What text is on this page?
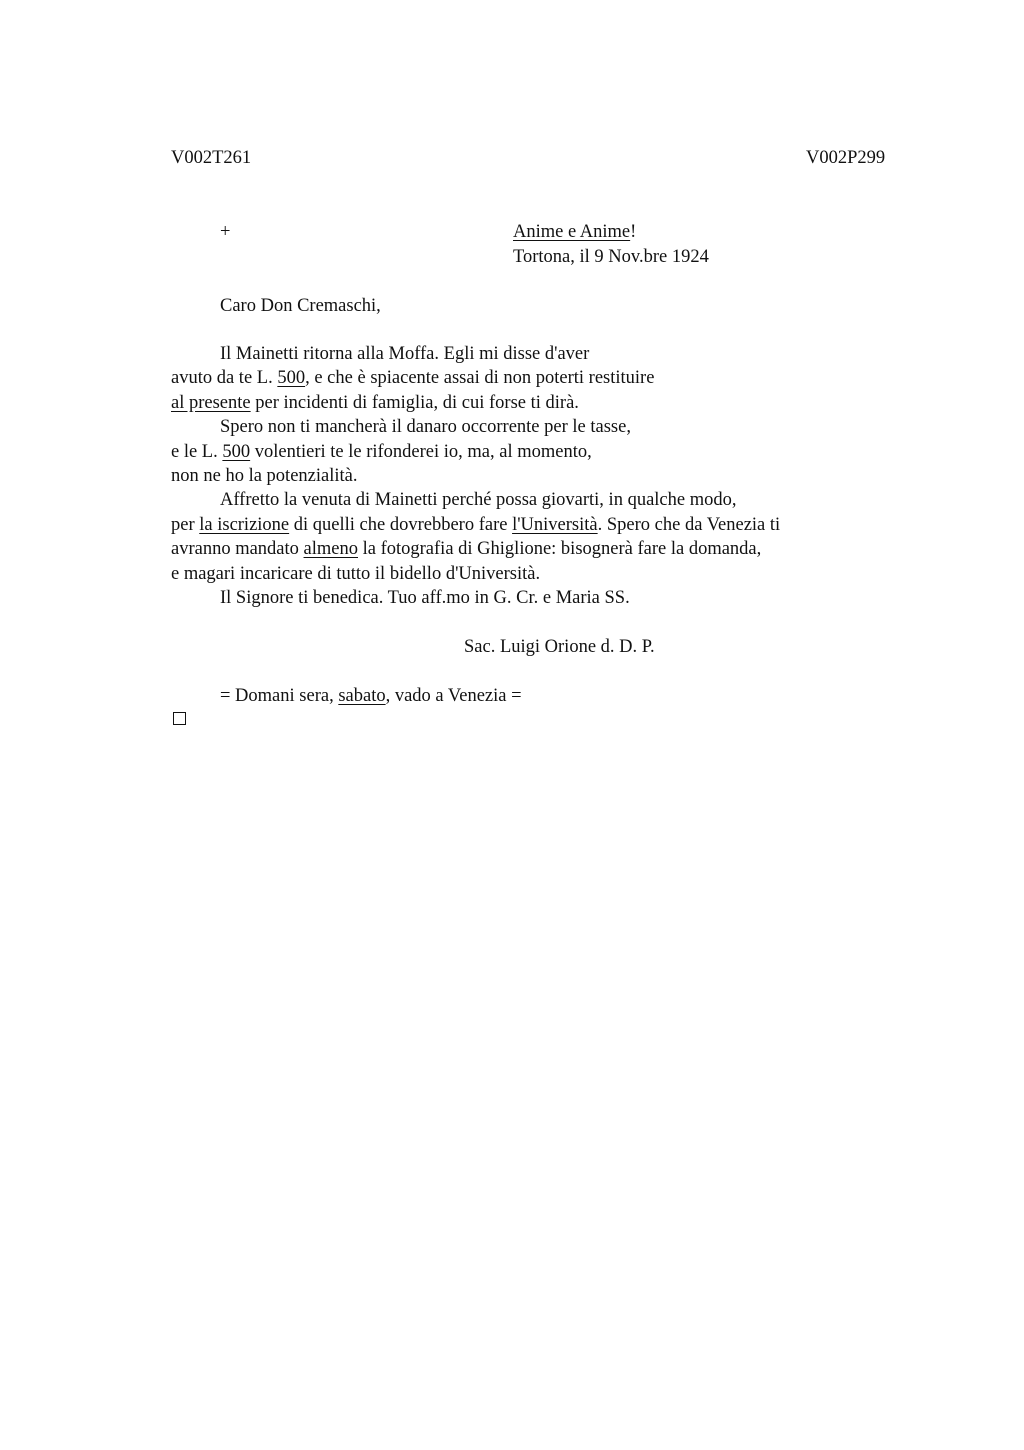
V002T261	V002P299
+	Anime e Anime!
Tortona, il 9 Nov.bre 1924
Caro Don Cremaschi,
Il Mainetti ritorna alla Moffa. Egli mi disse d'aver
avuto da te L. 500, e che è spiacente assai di non poterti restituire
al presente per incidenti di famiglia, di cui forse ti dirà.
Spero non ti mancherà il danaro occorrente per le tasse,
e le L. 500 volentieri te le rifonderei io, ma, al momento,
non ne ho la potenzialità.
Affretto la venuta di Mainetti perché possa giovarti, in qualche modo,
per la iscrizione di quelli che dovrebbero fare l'Università. Spero che da Venezia ti
avranno mandato almeno la fotografia di Ghiglione: bisognerà fare la domanda,
e magari incaricare di tutto il bidello d'Università.
Il Signore ti benedica. Tuo aff.mo in G. Cr. e Maria SS.
Sac. Luigi Orione d. D. P.
= Domani sera, sabato, vado a Venezia =
